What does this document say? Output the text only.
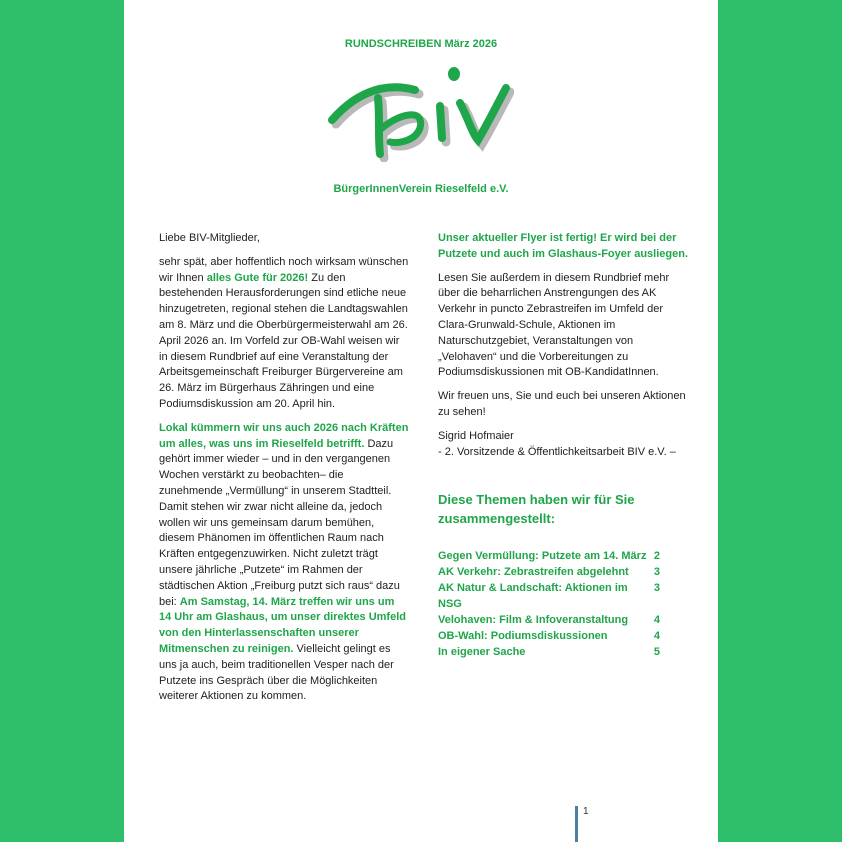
RUNDSCHREIBEN März 2026
BürgerInnenVerein Rieselfeld e.V.

Liebe BIV-Mitglieder,

sehr spät, aber hoffentlich noch wirksam wünschen wir Ihnen alles Gute für 2026! Zu den bestehenden Herausforderungen sind etliche neue hinzugetreten, regional stehen die Landtagswahlen am 8. März und die Oberbürgermeisterwahl am 26. April 2026 an. Im Vorfeld zur OB-Wahl weisen wir in diesem Rundbrief auf eine Veranstaltung der Arbeitsgemeinschaft Freiburger Bürgervereine am 26. März im Bürgerhaus Zähringen und eine Podiumsdiskussion am 20. April hin.

Lokal kümmern wir uns auch 2026 nach Kräften um alles, was uns im Rieselfeld betrifft. Dazu gehört immer wieder – und in den vergangenen Wochen verstärkt zu beobachten– die zunehmende „Vermüllung“ in unserem Stadtteil. Damit stehen wir zwar nicht alleine da, jedoch wollen wir uns gemeinsam darum bemühen, diesem Phänomen im öffentlichen Raum nach Kräften entgegenzuwirken. Nicht zuletzt trägt unsere jährliche „Putzete“ im Rahmen der städtischen Aktion „Freiburg putzt sich raus“ dazu bei: Am Samstag, 14. März treffen wir uns um 14 Uhr am Glashaus, um unser direktes Umfeld von den Hinterlassenschaften unserer Mitmenschen zu reinigen. Vielleicht gelingt es uns ja auch, beim traditionellen Vesper nach der Putzete ins Gespräch über die Möglichkeiten weiterer Aktionen zu kommen.

Unser aktueller Flyer ist fertig! Er wird bei der Putzete und auch im Glashaus-Foyer ausliegen.

Lesen Sie außerdem in diesem Rundbrief mehr über die beharrlichen Anstrengungen des AK Verkehr in puncto Zebrastreifen im Umfeld der Clara-Grunwald-Schule, Aktionen im Naturschutzgebiet, Veranstaltungen von „Velohaven“ und die Vorbereitungen zu Podiumsdiskussionen mit OB-KandidatInnen.

Wir freuen uns, Sie und euch bei unseren Aktionen zu sehen!

Sigrid Hofmaier
- 2. Vorsitzende & Öffentlichkeitsarbeit BIV e.V. –
Diese Themen haben wir für Sie zusammengestellt:
Gegen Vermüllung: Putzete am 14. März 2
AK Verkehr: Zebrastreifen abgelehnt 3
AK Natur & Landschaft: Aktionen im NSG
3
Velohaven: Film & Infoveranstaltung 4
OB-Wahl: Podiumsdiskussionen	4
In eigener Sache	5
1
